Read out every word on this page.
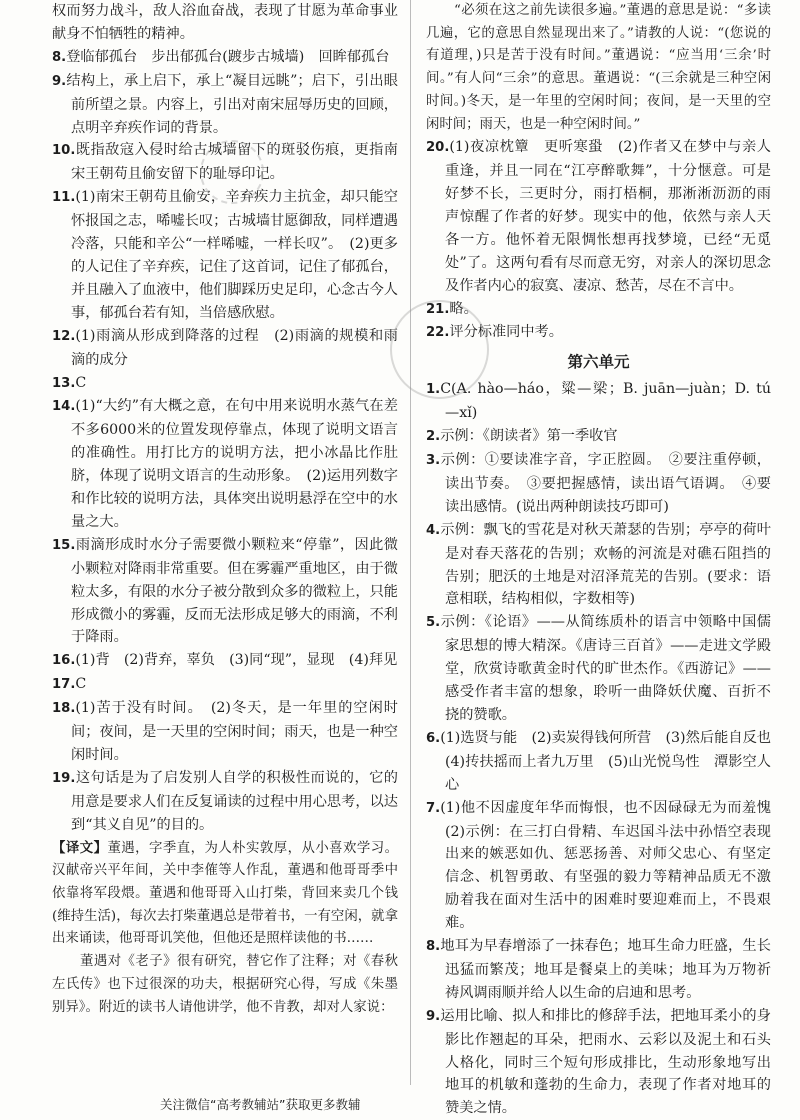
权而努力战斗，敌人浴血奋战，表现了甘愿为革命事业献身不怕牺牲的精神。

8.登临郁孤台　步出郁孤台(踱步古城墙)　回眸郁孤台

9.结构上，承上启下，承上“凝目远眺”；启下，引出眼前所望之景。内容上，引出对南宋屈辱历史的回顾，点明辛弃疾作词的背景。

10.既指敌寇入侵时给古城墙留下的斑驳伤痕，更指南宋王朝苟且偷安留下的耻辱印记。

11.(1)南宋王朝苟且偷安，辛弃疾力主抗金，却只能空怀报国之志，唏嘘长叹；古城墙甘愿御敌，同样遭遇冷落，只能和辛公“一样唏嘘，一样长叹”。　(2)更多的人记住了辛弃疾，记住了这首词，记住了郁孤台，并且融入了血液中，他们脚踩历史足印，心念古今人事，郁孤台若有知，当倍感欣慰。

12.(1)雨滴从形成到降落的过程　(2)雨滴的规模和雨滴的成分

13.C

14.(1)“大约”有大概之意，在句中用来说明水蒸气在差不多6000米的位置发现停靠点，体现了说明文语言的准确性。用打比方的说明方法，把小冰晶比作肚脐，体现了说明文语言的生动形象。　(2)运用列数字和作比较的说明方法，具体突出说明悬浮在空中的水量之大。

15.雨滴形成时水分子需要微小颗粒来“停靠”，因此微小颗粒对降雨非常重要。但在雾霾严重地区，由于微粒太多，有限的水分子被分散到众多的微粒上，只能形成微小的雾霾，反而无法形成足够大的雨滴，不利于降雨。

16.(1)背　(2)背弃，辜负　(3)同“现”，显现　(4)拜见

17.C

18.(1)苦于没有时间。　(2)冬天，是一年里的空闲时间；夜间，是一天里的空闲时间；雨天，也是一种空闲时间。

19.这句话是为了启发别人自学的积极性而说的，它的用意是要求人们在反复诵读的过程中用心思考，以达到“其义自见”的目的。

【译文】董遇，字季直，为人朴实敦厚，从小喜欢学习。汉献帝兴平年间，关中李傕等人作乱，董遇和他哥哥季中依靠将军段煨。董遇和他哥哥入山打柴，背回来卖几个钱(维持生活)，每次去打柴董遇总是带着书，一有空闲，就拿出来诵读，他哥哥讥笑他，但他还是照样读他的书……

董遇对《老子》很有研究，替它作了注释；对《春秋左氏传》也下过很深的功夫，根据研究心得，写成《朱墨别异》。附近的读书人请他讲学，他不肯教，却对人家说：

“必须在这之前先读很多遍。”董遇的意思是说：“多读几遍，它的意思自然显现出来了。”请教的人说：“(您说的有道理，)只是苦于没有时间。”董遇说：“应当用‘三余’时间。”有人问“三余”的意思。董遇说：“(三余就是三种空闲时间。)冬天，是一年里的空闲时间；夜间，是一天里的空闲时间；雨天，也是一种空闲时间。”

20.(1)夜凉枕簟　更听寒蛩　(2)作者又在梦中与亲人重逢，并且一同在“江亭醉歌舞”，十分惬意。可是好梦不长，三更时分，雨打梧桐，那淅淅沥沥的雨声惊醒了作者的好梦。现实中的他，依然与亲人天各一方。他怀着无限惆怅想再找梦境，已经“无觅处”了。这两句看有尽而意无穷，对亲人的深切思念及作者内心的寂寞、凄凉、愁苦，尽在不言中。

21.略。

22.评分标准同中考。

第六单元

1.C(A. hào—háo，粱—梁；B. juān—juàn；D. tú—xǐ)

2.示例：《朗读者》第一季收官

3.示例：①要读准字音，字正腔圆。　②要注重停顿，读出节奏。　③要把握感情，读出语气语调。　④要读出感情。(说出两种朗读技巧即可)

4.示例：飘飞的雪花是对秋天萧瑟的告别；亭亭的荷叶是对春天落花的告别；欢畅的河流是对礁石阻挡的告别；肥沃的土地是对沼泽荒芜的告别。(要求：语意相联，结构相似，字数相等)

5.示例：《论语》——从简练质朴的语言中领略中国儒家思想的博大精深。《唐诗三百首》——走进文学殿堂，欣赏诗歌黄金时代的旷世杰作。《西游记》——感受作者丰富的想象，聆听一曲降妖伏魔、百折不挠的赞歌。

6.(1)选贤与能　(2)卖炭得钱何所营　(3)然后能自反也　(4)抟扶摇而上者九万里　(5)山光悦鸟性　潭影空人心

7.(1)他不因虚度年华而悔恨，也不因碌碌无为而羞愧　(2)示例：在三打白骨精、车迟国斗法中孙悟空表现出来的嫉恶如仇、惩恶扬善、对师父忠心、有坚定信念、机智勇敢、有坚强的毅力等精神品质无不激励着我在面对生活中的困难时要迎难而上，不畏艰难。

8.地耳为早春增添了一抹春色；地耳生命力旺盛，生长迅猛而繁茂；地耳是餐桌上的美味；地耳为万物祈祷风调雨顺并给人以生命的启迪和思考。

9.运用比喻、拟人和排比的修辞手法，把地耳柔小的身影比作翘起的耳朵，把雨水、云彩以及泥土和石头人格化，同时三个短句形成排比，生动形象地写出地耳的机敏和蓬勃的生命力，表现了作者对地耳的赞美之情。

关注微信“高考教辅站”获取更多教辅
